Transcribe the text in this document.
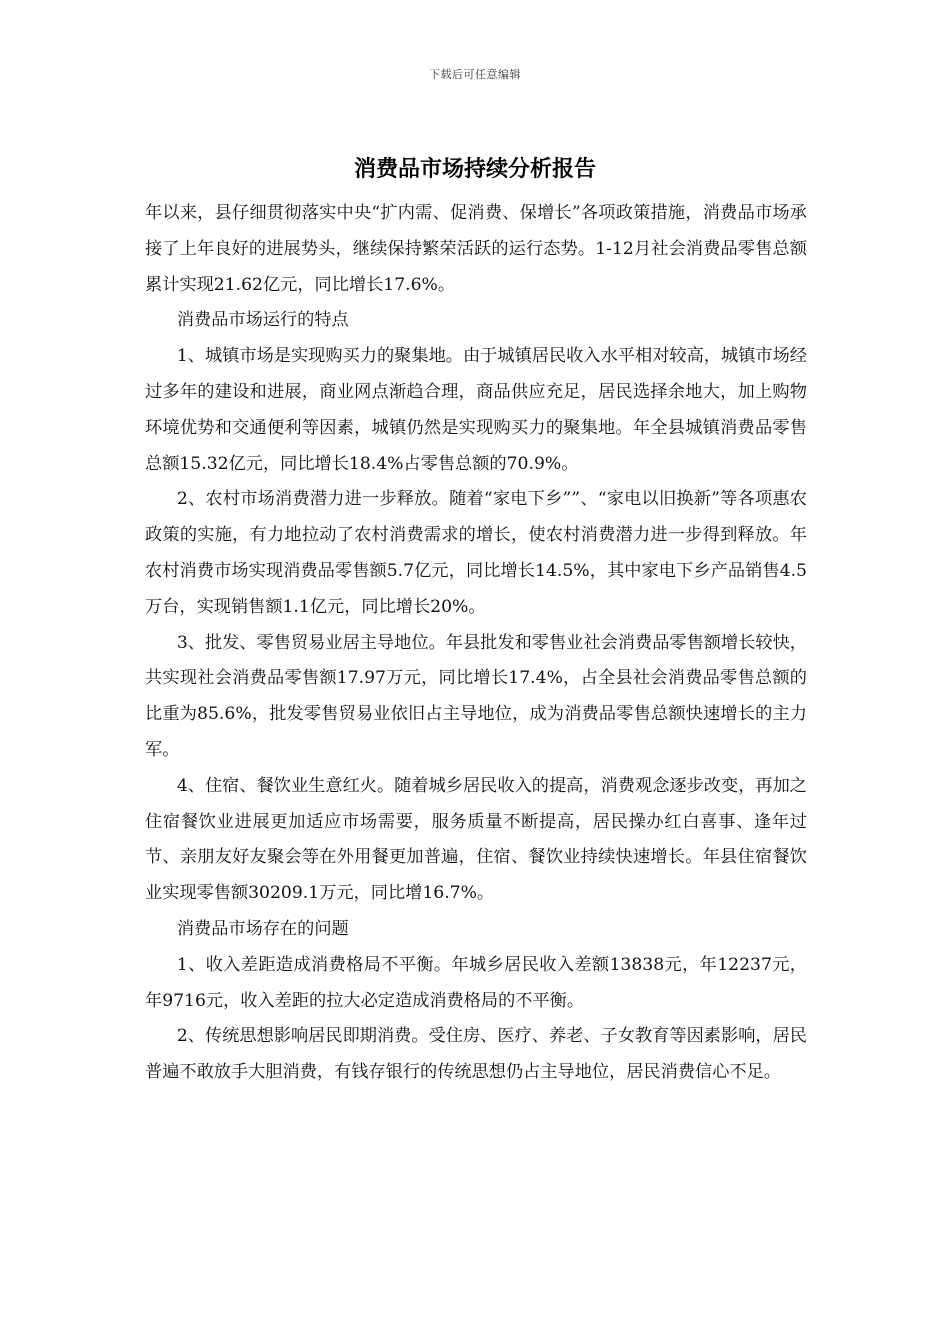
下载后可任意编辑
消费品市场持续分析报告

年以来，县仔细贯彻落实中央“扩内需、促消费、保增长”各项政策措施，消费品市场承接了上年良好的进展势头，继续保持繁荣活跃的运行态势。1-12月社会消费品零售总额累计实现21.62亿元，同比增长17.6%。

消费品市场运行的特点

1、城镇市场是实现购买力的聚集地。由于城镇居民收入水平相对较高，城镇市场经过多年的建设和进展，商业网点渐趋合理，商品供应充足，居民选择余地大，加上购物环境优势和交通便利等因素，城镇仍然是实现购买力的聚集地。年全县城镇消费品零售总额15.32亿元，同比增长18.4%占零售总额的70.9%。

2、农村市场消费潜力进一步释放。随着“家电下乡””、“家电以旧换新”等各项惠农政策的实施，有力地拉动了农村消费需求的增长，使农村消费潜力进一步得到释放。年农村消费市场实现消费品零售额5.7亿元，同比增长14.5%，其中家电下乡产品销售4.5万台，实现销售额1.1亿元，同比增长20%。

3、批发、零售贸易业居主导地位。年县批发和零售业社会消费品零售额增长较快，共实现社会消费品零售额17.97万元，同比增长17.4%，占全县社会消费品零售总额的比重为85.6%，批发零售贸易业依旧占主导地位，成为消费品零售总额快速增长的主力军。

4、住宿、餐饮业生意红火。随着城乡居民收入的提高，消费观念逐步改变，再加之住宿餐饮业进展更加适应市场需要，服务质量不断提高，居民操办红白喜事、逢年过节、亲朋友好友聚会等在外用餐更加普遍，住宿、餐饮业持续快速增长。年县住宿餐饮业实现零售额30209.1万元，同比增16.7%。

消费品市场存在的问题

1、收入差距造成消费格局不平衡。年城乡居民收入差额13838元，年12237元，年9716元，收入差距的拉大必定造成消费格局的不平衡。

2、传统思想影响居民即期消费。受住房、医疗、养老、子女教育等因素影响，居民普遍不敢放手大胆消费，有钱存银行的传统思想仍占主导地位，居民消费信心不足。
